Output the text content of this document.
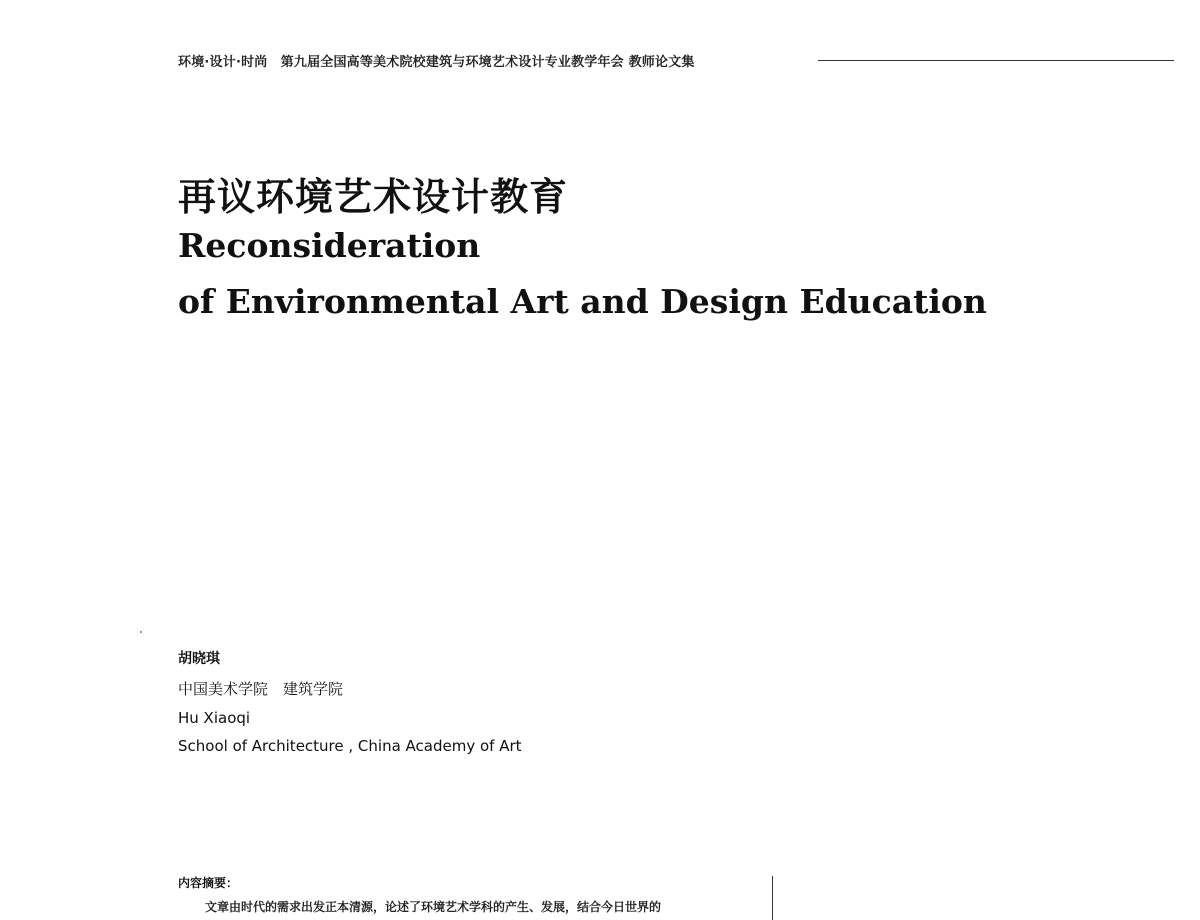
环境·设计·时尚　第九届全国高等美术院校建筑与环境艺术设计专业教学年会 教师论文集
再议环境艺术设计教育
Reconsideration
of Environmental Art and Design Education
胡晓琪
中国美术学院　建筑学院
Hu Xiaoqi
School of Architecture , China Academy of Art
内容摘要：
文章由时代的需求出发正本清源，论述了环境艺术学科的产生、发展，结合今日世界的
